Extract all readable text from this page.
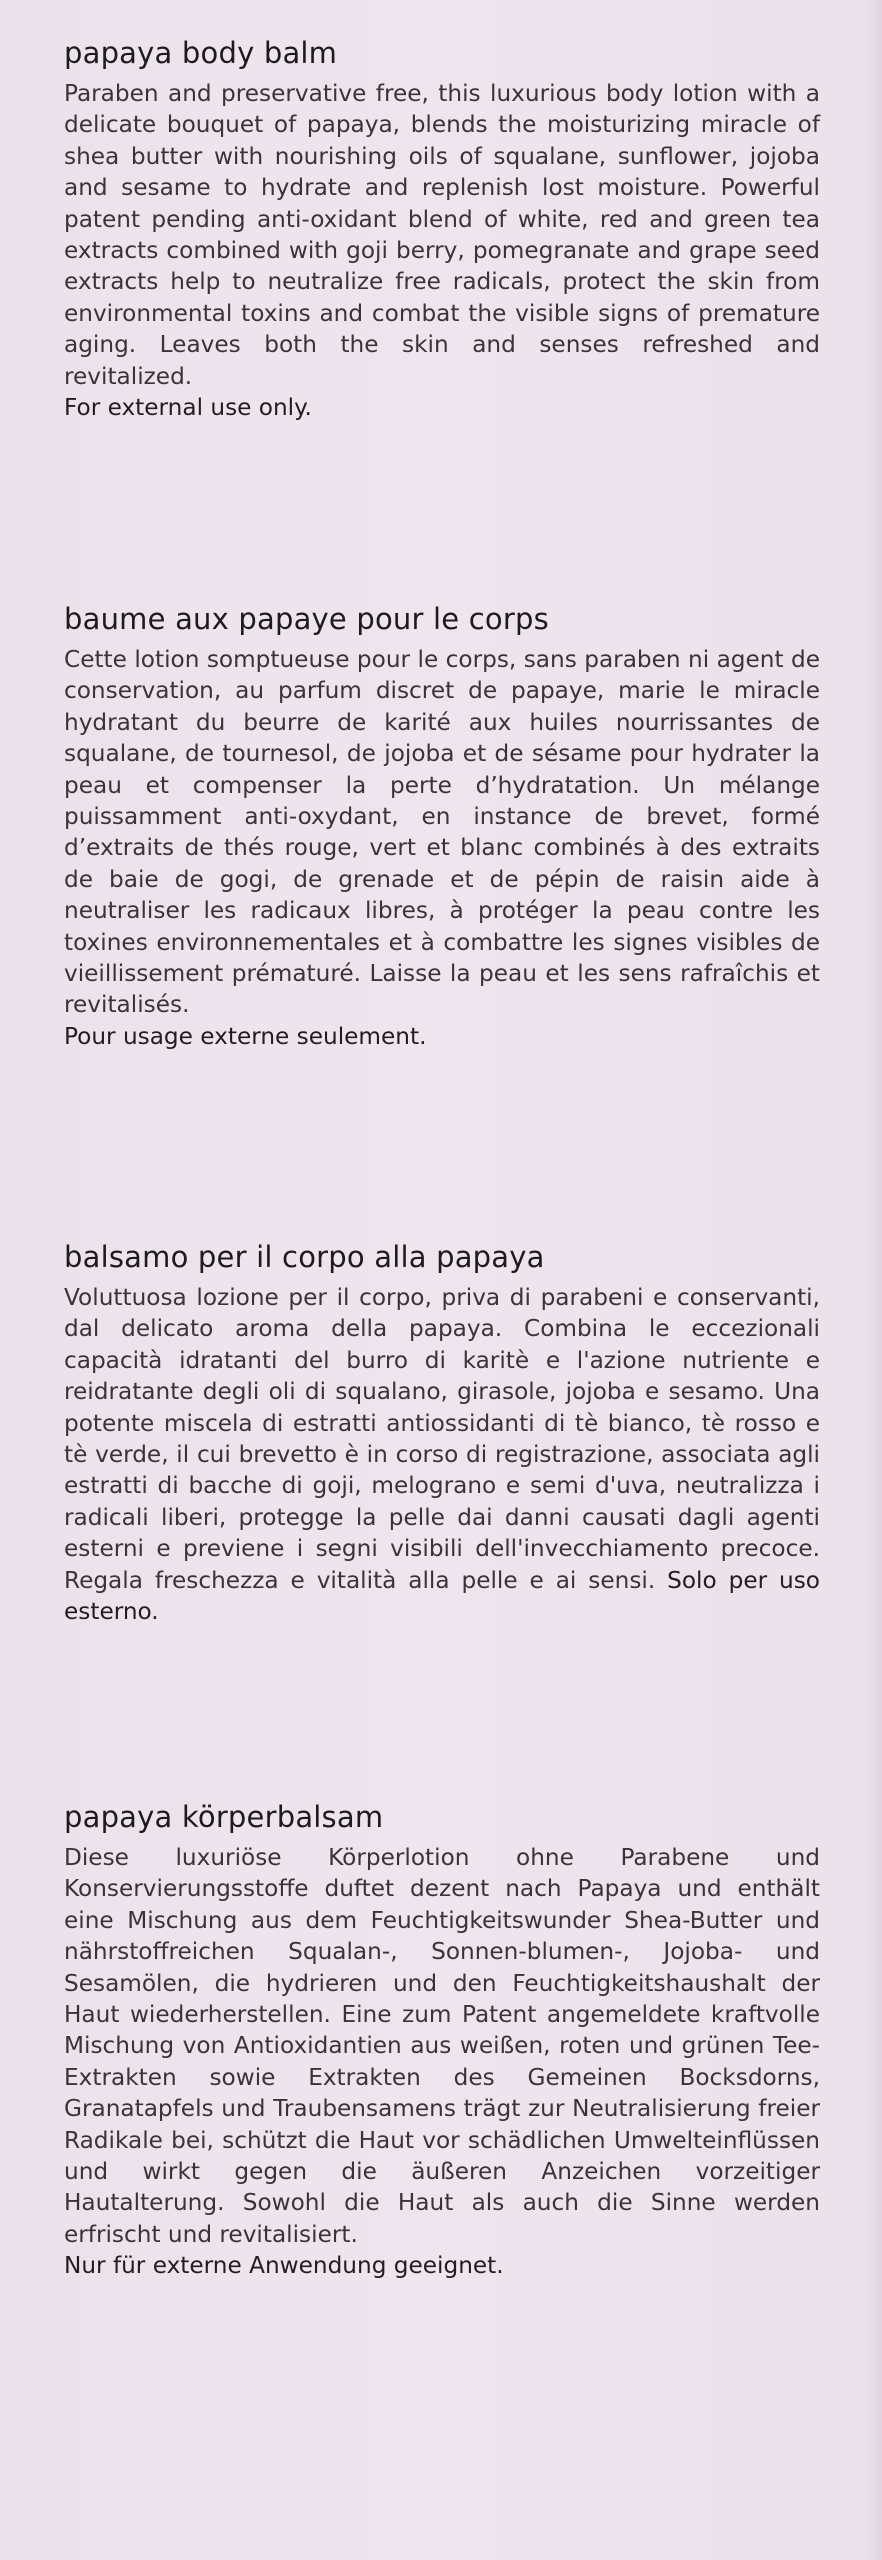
papaya body balm

Paraben and preservative free, this luxurious body lotion with a delicate bouquet of papaya, blends the moisturizing miracle of shea butter with nourishing oils of squalane, sunflower, jojoba and sesame to hydrate and replenish lost moisture. Powerful patent pending anti-oxidant blend of white, red and green tea extracts combined with goji berry, pomegranate and grape seed extracts help to neutralize free radicals, protect the skin from environmental toxins and combat the visible signs of premature aging. Leaves both the skin and senses refreshed and revitalized.

For external use only.

baume aux papaye pour le corps

Cette lotion somptueuse pour le corps, sans paraben ni agent de conservation, au parfum discret de papaye, marie le miracle hydratant du beurre de karité aux huiles nourrissantes de squalane, de tournesol, de jojoba et de sésame pour hydrater la peau et compenser la perte d’hydratation. Un mélange puissamment anti-oxydant, en instance de brevet, formé d’extraits de thés rouge, vert et blanc combinés à des extraits de baie de gogi, de grenade et de pépin de raisin aide à neutraliser les radicaux libres, à protéger la peau contre les toxines environnementales et à combattre les signes visibles de vieillissement prématuré. Laisse la peau et les sens rafraîchis et revitalisés.

Pour usage externe seulement.

balsamo per il corpo alla papaya

Voluttuosa lozione per il corpo, priva di parabeni e conservanti, dal delicato aroma della papaya. Combina le eccezionali capacità idratanti del burro di karitè e l'azione nutriente e reidratante degli oli di squalano, girasole, jojoba e sesamo. Una potente miscela di estratti antiossidanti di tè bianco, tè rosso e tè verde, il cui brevetto è in corso di registrazione, associata agli estratti di bacche di goji, melograno e semi d'uva, neutralizza i radicali liberi, protegge la pelle dai danni causati dagli agenti esterni e previene i segni visibili dell'invecchiamento precoce. Regala freschezza e vitalità alla pelle e ai sensi. Solo per uso esterno.

papaya körperbalsam

Diese luxuriöse Körperlotion ohne Parabene und Konservierungsstoffe duftet dezent nach Papaya und enthält eine Mischung aus dem Feuchtigkeitswunder Shea-Butter und nährstoffreichen Squalan-, Sonnen-blumen-, Jojoba- und Sesamölen, die hydrieren und den Feuchtigkeitshaushalt der Haut wiederherstellen. Eine zum Patent angemeldete kraftvolle Mischung von Antioxidantien aus weißen, roten und grünen Tee- Extrakten sowie Extrakten des Gemeinen Bocksdorns, Granatapfels und Traubensamens trägt zur Neutralisierung freier Radikale bei, schützt die Haut vor schädlichen Umwelteinflüssen und wirkt gegen die äußeren Anzeichen vorzeitiger Hautalterung. Sowohl die Haut als auch die Sinne werden erfrischt und revitalisiert.

Nur für externe Anwendung geeignet.
